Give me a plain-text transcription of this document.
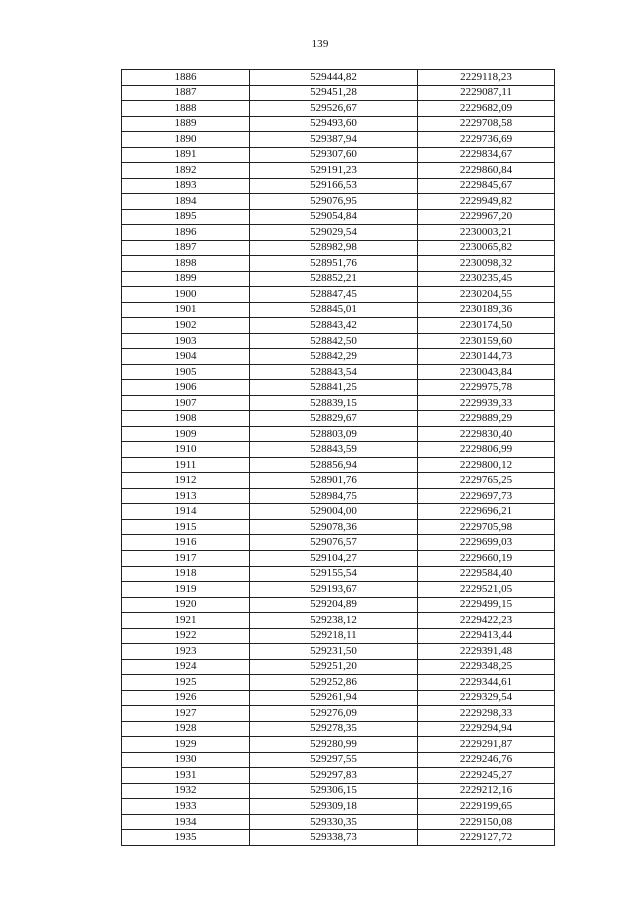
139
1886	529444,82	2229118,23
1887	529451,28	2229087,11
1888	529526,67	2229682,09
1889	529493,60	2229708,58
1890	529387,94	2229736,69
1891	529307,60	2229834,67
1892	529191,23	2229860,84
1893	529166,53	2229845,67
1894	529076,95	2229949,82
1895	529054,84	2229967,20
1896	529029,54	2230003,21
1897	528982,98	2230065,82
1898	528951,76	2230098,32
1899	528852,21	2230235,45
1900	528847,45	2230204,55
1901	528845,01	2230189,36
1902	528843,42	2230174,50
1903	528842,50	2230159,60
1904	528842,29	2230144,73
1905	528843,54	2230043,84
1906	528841,25	2229975,78
1907	528839,15	2229939,33
1908	528829,67	2229889,29
1909	528803,09	2229830,40
1910	528843,59	2229806,99
1911	528856,94	2229800,12
1912	528901,76	2229765,25
1913	528984,75	2229697,73
1914	529004,00	2229696,21
1915	529078,36	2229705,98
1916	529076,57	2229699,03
1917	529104,27	2229660,19
1918	529155,54	2229584,40
1919	529193,67	2229521,05
1920	529204,89	2229499,15
1921	529238,12	2229422,23
1922	529218,11	2229413,44
1923	529231,50	2229391,48
1924	529251,20	2229348,25
1925	529252,86	2229344,61
1926	529261,94	2229329,54
1927	529276,09	2229298,33
1928	529278,35	2229294,94
1929	529280,99	2229291,87
1930	529297,55	2229246,76
1931	529297,83	2229245,27
1932	529306,15	2229212,16
1933	529309,18	2229199,65
1934	529330,35	2229150,08
1935	529338,73	2229127,72
